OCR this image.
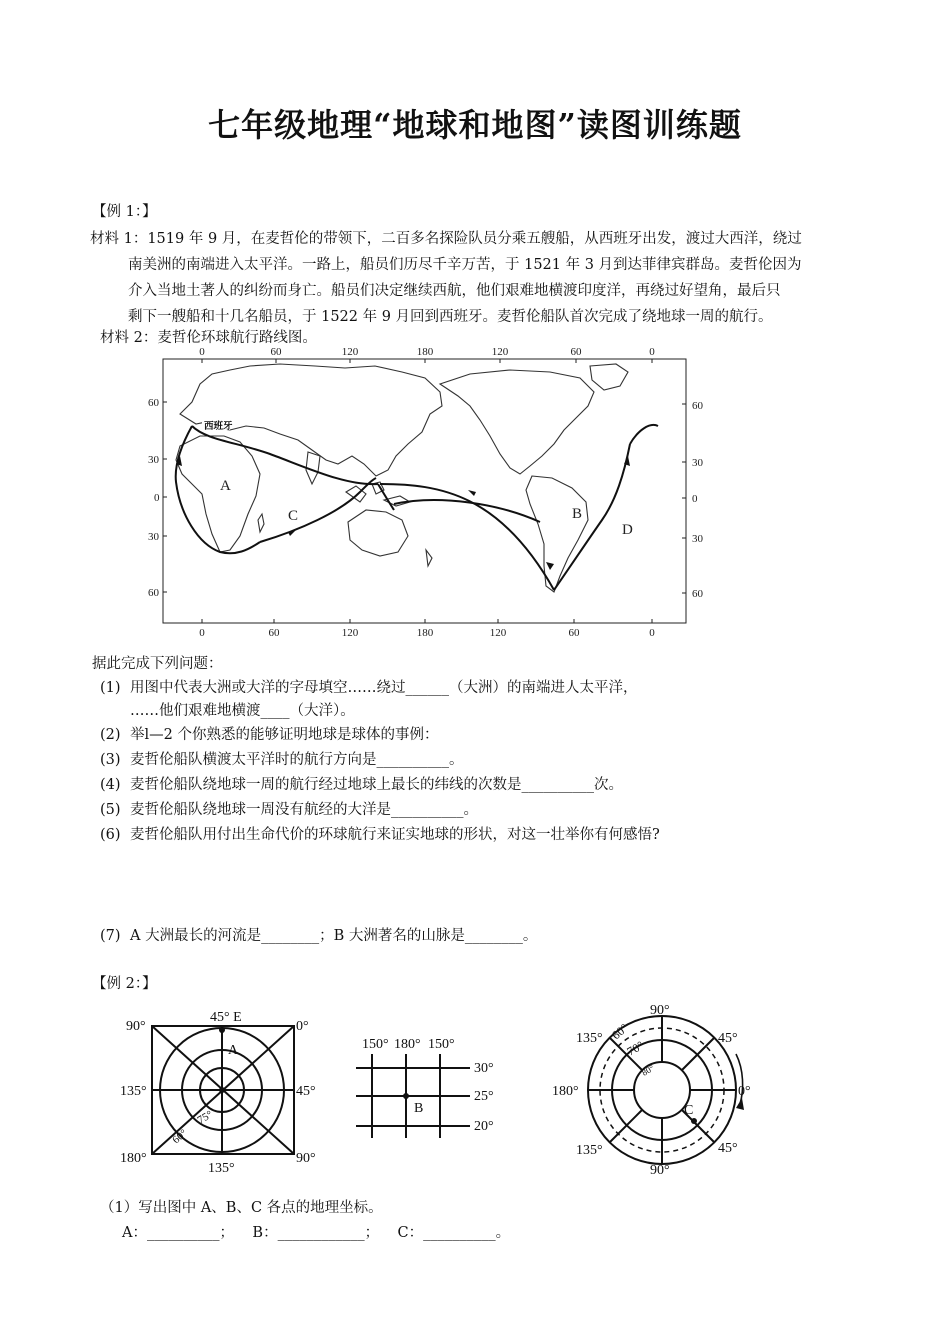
七年级地理“地球和地图”读图训练题
【例 1：】
材料 1：1519 年 9 月，在麦哲伦的带领下，二百多名探险队员分乘五艘船，从西班牙出发，渡过大西洋，绕过
南美洲的南端进入太平洋。一路上，船员们历尽千辛万苦，于 1521 年 3 月到达菲律宾群岛。麦哲伦因为
介入当地土著人的纠纷而身亡。船员们决定继续西航，他们艰难地横渡印度洋，再绕过好望角，最后只
剩下一艘船和十几名船员，于 1522 年 9 月回到西班牙。麦哲伦船队首次完成了绕地球一周的航行。
材料 2：麦哲伦环球航行路线图。
0	60	120	180	120	60	0
0	60	120	180	120	60	0
60
30
0
30
60
60
30
0
30
60
西班牙
A
C	B
D
据此完成下列问题：
(1) 用图中代表大洲或大洋的字母填空……绕过______（大洲）的南端进人太平洋，
……他们艰难地横渡____（大洋）。
(2) 举l—2 个你熟悉的能够证明地球是球体的事例：
(3) 麦哲伦船队横渡太平洋时的航行方向是__________。
(4) 麦哲伦船队绕地球一周的航行经过地球上最长的纬线的次数是__________次。
(5) 麦哲伦船队绕地球一周没有航经的大洋是__________。
(6) 麦哲伦船队用付出生命代价的环球航行来证实地球的形状，对这一壮举你有何感悟?
(7) A 大洲最长的河流是________；B 大洲著名的山脉是________。
【例 2：】
45° E
90°	0°
135°	45°
180°	90°
135°
A
75°
60°
150° 180° 150°
30°
25°
20°
B
90°
135°	45°
180°	0°
135°	45°
90°
C
60°
70°
80°
（1）写出图中 A、B、C 各点的地理坐标。
A：__________；    B：____________；    C：__________。
